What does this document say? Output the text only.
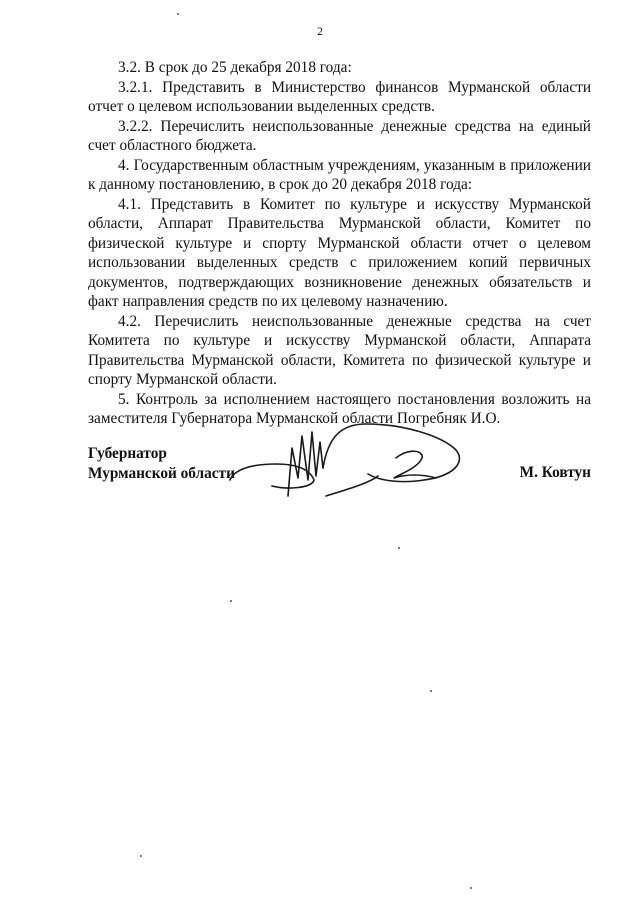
2

3.2. В срок до 25 декабря 2018 года:

3.2.1. Представить в Министерство финансов Мурманской области отчет о целевом использовании выделенных средств.

3.2.2. Перечислить неиспользованные денежные средства на единый счет областного бюджета.

4. Государственным областным учреждениям, указанным в приложении к данному постановлению, в срок до 20 декабря 2018 года:

4.1. Представить в Комитет по культуре и искусству Мурманской области, Аппарат Правительства Мурманской области, Комитет по физической культуре и спорту Мурманской области отчет о целевом использовании выделенных средств с приложением копий первичных документов, подтверждающих возникновение денежных обязательств и факт направления средств по их целевому назначению.

4.2. Перечислить неиспользованные денежные средства на счет Комитета по культуре и искусству Мурманской области, Аппарата Правительства Мурманской области, Комитета по физической культуре и спорту Мурманской области.

5. Контроль за исполнением настоящего постановления возложить на заместителя Губернатора Мурманской области Погребняк И.О.

Губернатор
Мурманской области	М. Ковтун
